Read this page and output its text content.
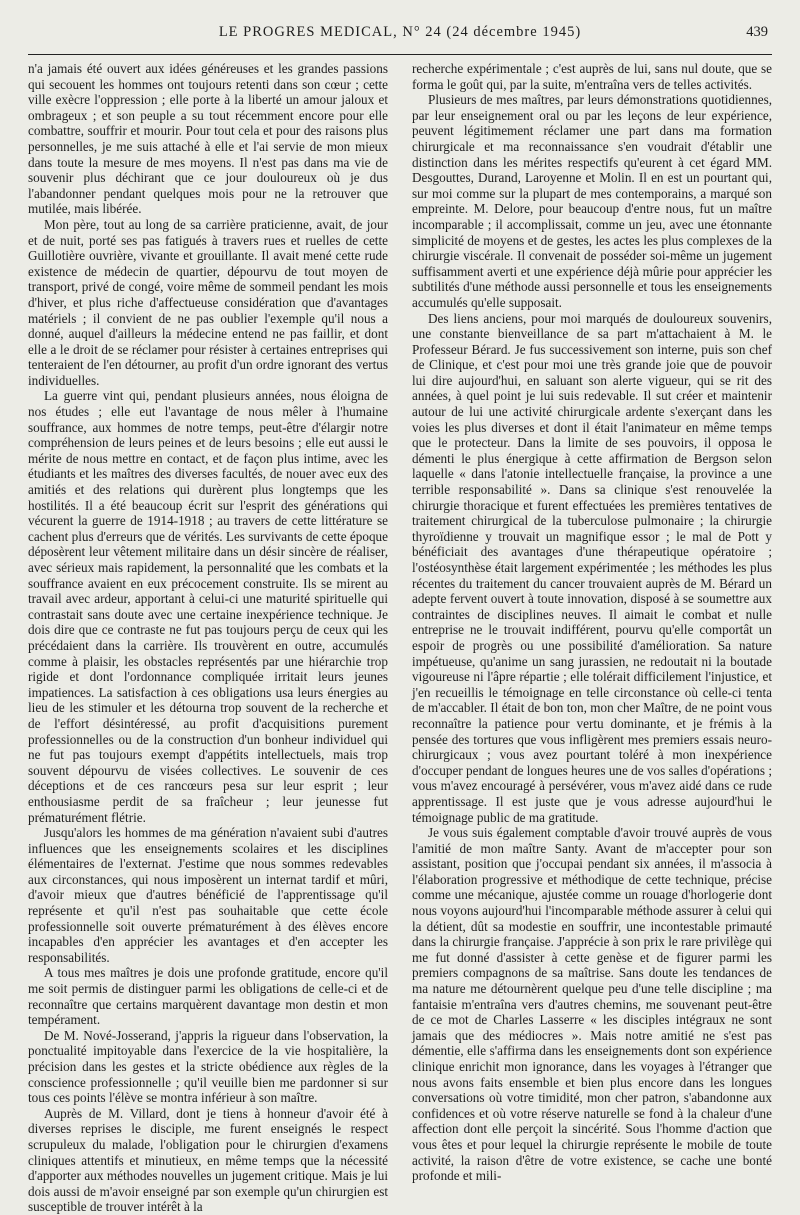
LE PROGRES MEDICAL, N° 24 (24 décembre 1945)	439

n'a jamais été ouvert aux idées généreuses et les grandes passions qui secouent les hommes ont toujours retenti dans son cœur ; cette ville exècre l'oppression ; elle porte à la liberté un amour jaloux et ombrageux ; et son peuple a su tout récemment encore pour elle combattre, souffrir et mourir. Pour tout cela et pour des raisons plus personnelles, je me suis attaché à elle et l'ai servie de mon mieux dans toute la mesure de mes moyens. Il n'est pas dans ma vie de souvenir plus déchirant que ce jour douloureux où je dus l'abandonner pendant quelques mois pour ne la retrouver que mutilée, mais libérée.

Mon père, tout au long de sa carrière praticienne, avait, de jour et de nuit, porté ses pas fatigués à travers rues et ruelles de cette Guillotière ouvrière, vivante et grouillante. Il avait mené cette rude existence de médecin de quartier, dépourvu de tout moyen de transport, privé de congé, voire même de sommeil pendant les mois d'hiver, et plus riche d'affectueuse considération que d'avantages matériels ; il convient de ne pas oublier l'exemple qu'il nous a donné, auquel d'ailleurs la médecine entend ne pas faillir, et dont elle a le droit de se réclamer pour résister à certaines entreprises qui tenteraient de l'en détourner, au profit d'un ordre ignorant des vertus individuelles.

La guerre vint qui, pendant plusieurs années, nous éloigna de nos études ; elle eut l'avantage de nous mêler à l'humaine souffrance, aux hommes de notre temps, peut-être d'élargir notre compréhension de leurs peines et de leurs besoins ; elle eut aussi le mérite de nous mettre en contact, et de façon plus intime, avec les étudiants et les maîtres des diverses facultés, de nouer avec eux des amitiés et des relations qui durèrent plus longtemps que les hostilités. Il a été beaucoup écrit sur l'esprit des générations qui vécurent la guerre de 1914-1918 ; au travers de cette littérature se cachent plus d'erreurs que de vérités. Les survivants de cette époque déposèrent leur vêtement militaire dans un désir sincère de réaliser, avec sérieux mais rapidement, la personnalité que les combats et la souffrance avaient en eux précocement construite. Ils se mirent au travail avec ardeur, apportant à celui-ci une maturité spirituelle qui contrastait sans doute avec une certaine inexpérience technique. Je dois dire que ce contraste ne fut pas toujours perçu de ceux qui les précédaient dans la carrière. Ils trouvèrent en outre, accumulés comme à plaisir, les obstacles représentés par une hiérarchie trop rigide et dont l'ordonnance compliquée irritait leurs jeunes impatiences. La satisfaction à ces obligations usa leurs énergies au lieu de les stimuler et les détourna trop souvent de la recherche et de l'effort désintéressé, au profit d'acquisitions purement professionnelles ou de la construction d'un bonheur individuel qui ne fut pas toujours exempt d'appétits intellectuels, mais trop souvent dépourvu de visées collectives. Le souvenir de ces déceptions et de ces rancœurs pesa sur leur esprit ; leur enthousiasme perdit de sa fraîcheur ; leur jeunesse fut prématurément flétrie.

Jusqu'alors les hommes de ma génération n'avaient subi d'autres influences que les enseignements scolaires et les disciplines élémentaires de l'externat. J'estime que nous sommes redevables aux circonstances, qui nous imposèrent un internat tardif et mûri, d'avoir mieux que d'autres bénéficié de l'apprentissage qu'il représente et qu'il n'est pas souhaitable que cette école professionnelle soit ouverte prématurément à des élèves encore incapables d'en apprécier les avantages et d'en accepter les responsabilités.

A tous mes maîtres je dois une profonde gratitude, encore qu'il me soit permis de distinguer parmi les obligations de celle-ci et de reconnaître que certains marquèrent davantage mon destin et mon tempérament.

De M. Nové-Josserand, j'appris la rigueur dans l'observation, la ponctualité impitoyable dans l'exercice de la vie hospitalière, la précision dans les gestes et la stricte obédience aux règles de la conscience professionnelle ; qu'il veuille bien me pardonner si sur tous ces points l'élève se montra inférieur à son maître.

Auprès de M. Villard, dont je tiens à honneur d'avoir été à diverses reprises le disciple, me furent enseignés le respect scrupuleux du malade, l'obligation pour le chirurgien d'examens cliniques attentifs et minutieux, en même temps que la nécessité d'apporter aux méthodes nouvelles un jugement critique. Mais je lui dois aussi de m'avoir enseigné par son exemple qu'un chirurgien est susceptible de trouver intérêt à la

recherche expérimentale ; c'est auprès de lui, sans nul doute, que se forma le goût qui, par la suite, m'entraîna vers de telles activités.

Plusieurs de mes maîtres, par leurs démonstrations quotidiennes, par leur enseignement oral ou par les leçons de leur expérience, peuvent légitimement réclamer une part dans ma formation chirurgicale et ma reconnaissance s'en voudrait d'établir une distinction dans les mérites respectifs qu'eurent à cet égard MM. Desgouttes, Durand, Laroyenne et Molin. Il en est un pourtant qui, sur moi comme sur la plupart de mes contemporains, a marqué son empreinte. M. Delore, pour beaucoup d'entre nous, fut un maître incomparable ; il accomplissait, comme un jeu, avec une étonnante simplicité de moyens et de gestes, les actes les plus complexes de la chirurgie viscérale. Il convenait de posséder soi-même un jugement suffisamment averti et une expérience déjà mûrie pour apprécier les subtilités d'une méthode aussi personnelle et tous les enseignements accumulés qu'elle supposait.

Des liens anciens, pour moi marqués de douloureux souvenirs, une constante bienveillance de sa part m'attachaient à M. le Professeur Bérard. Je fus successivement son interne, puis son chef de Clinique, et c'est pour moi une très grande joie que de pouvoir lui dire aujourd'hui, en saluant son alerte vigueur, qui se rit des années, à quel point je lui suis redevable. Il sut créer et maintenir autour de lui une activité chirurgicale ardente s'exerçant dans les voies les plus diverses et dont il était l'animateur en même temps que le protecteur. Dans la limite de ses pouvoirs, il opposa le démenti le plus énergique à cette affirmation de Bergson selon laquelle « dans l'atonie intellectuelle française, la province a une terrible responsabilité ». Dans sa clinique s'est renouvelée la chirurgie thoracique et furent effectuées les premières tentatives de traitement chirurgical de la tuberculose pulmonaire ; la chirurgie thyroïdienne y trouvait un magnifique essor ; le mal de Pott y bénéficiait des avantages d'une thérapeutique opératoire ; l'ostéosynthèse était largement expérimentée ; les méthodes les plus récentes du traitement du cancer trouvaient auprès de M. Bérard un adepte fervent ouvert à toute innovation, disposé à se soumettre aux contraintes de disciplines neuves. Il aimait le combat et nulle entreprise ne le trouvait indifférent, pourvu qu'elle comportât un espoir de progrès ou une possibilité d'amélioration. Sa nature impétueuse, qu'anime un sang jurassien, ne redoutait ni la boutade vigoureuse ni l'âpre répartie ; elle tolérait difficilement l'injustice, et j'en recueillis le témoignage en telle circonstance où celle-ci tenta de m'accabler. Il était de bon ton, mon cher Maître, de ne point vous reconnaître la patience pour vertu dominante, et je frémis à la pensée des tortures que vous infligèrent mes premiers essais neuro-chirurgicaux ; vous avez pourtant toléré à mon inexpérience d'occuper pendant de longues heures une de vos salles d'opérations ; vous m'avez encouragé à persévérer, vous m'avez aidé dans ce rude apprentissage. Il est juste que je vous adresse aujourd'hui le témoignage public de ma gratitude.

Je vous suis également comptable d'avoir trouvé auprès de vous l'amitié de mon maître Santy. Avant de m'accepter pour son assistant, position que j'occupai pendant six années, il m'associa à l'élaboration progressive et méthodique de cette technique, précise comme une mécanique, ajustée comme un rouage d'horlogerie dont nous voyons aujourd'hui l'incomparable méthode assurer à celui qui la détient, dût sa modestie en souffrir, une incontestable primauté dans la chirurgie française. J'apprécie à son prix le rare privilège qui me fut donné d'assister à cette genèse et de figurer parmi les premiers compagnons de sa maîtrise. Sans doute les tendances de ma nature me détournèrent quelque peu d'une telle discipline ; ma fantaisie m'entraîna vers d'autres chemins, me souvenant peut-être de ce mot de Charles Lasserre « les disciples intégraux ne sont jamais que des médiocres ». Mais notre amitié ne s'est pas démentie, elle s'affirma dans les enseignements dont son expérience clinique enrichit mon ignorance, dans les voyages à l'étranger que nous avons faits ensemble et bien plus encore dans les longues conversations où votre timidité, mon cher patron, s'abandonne aux confidences et où votre réserve naturelle se fond à la chaleur d'une affection dont elle perçoit la sincérité. Sous l'homme d'action que vous êtes et pour lequel la chirurgie représente le mobile de toute activité, la raison d'être de votre existence, se cache une bonté profonde et mili-
